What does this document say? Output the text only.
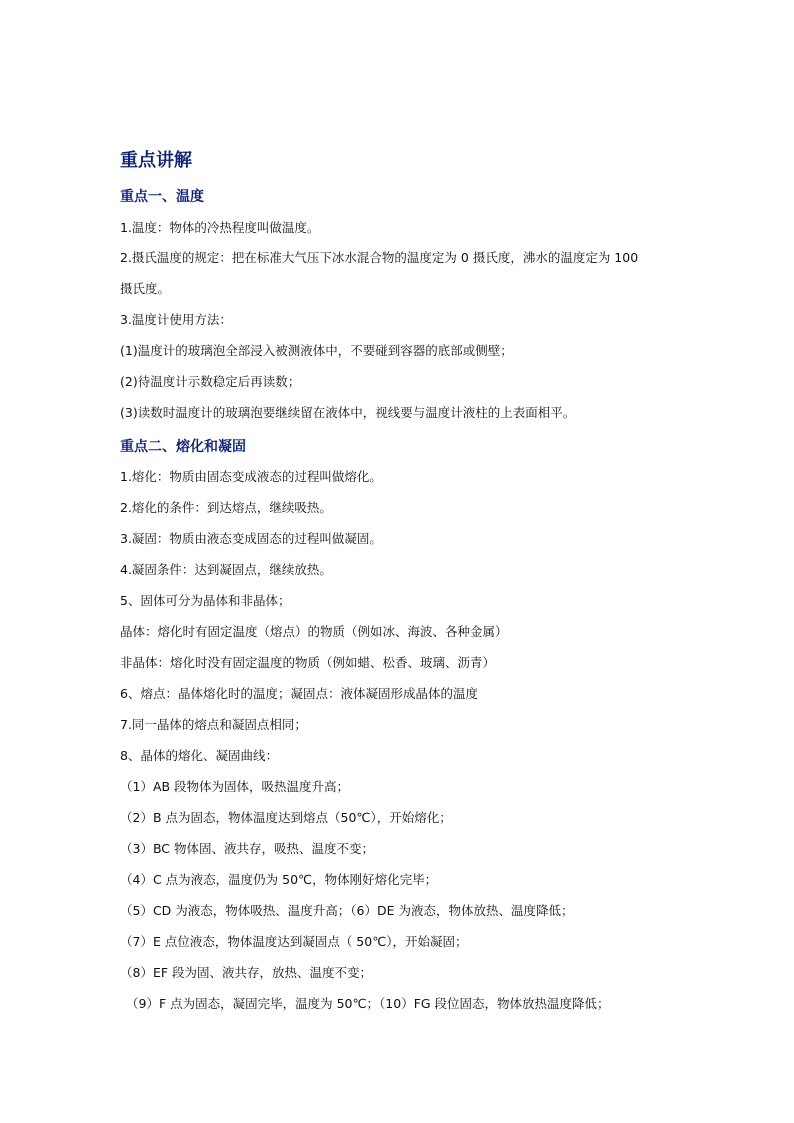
重点讲解
重点一、温度
1.温度：物体的冷热程度叫做温度。
2.摄氏温度的规定：把在标准大气压下冰水混合物的温度定为 0 摄氏度，沸水的温度定为 100
摄氏度。
3.温度计使用方法：
(1)温度计的玻璃泡全部浸入被测液体中，不要碰到容器的底部或侧壁；
(2)待温度计示数稳定后再读数；
(3)读数时温度计的玻璃泡要继续留在液体中，视线要与温度计液柱的上表面相平。
重点二、熔化和凝固
1.熔化：物质由固态变成液态的过程叫做熔化。
2.熔化的条件：到达熔点，继续吸热。
3.凝固：物质由液态变成固态的过程叫做凝固。
4.凝固条件：达到凝固点，继续放热。
5、固体可分为晶体和非晶体；
晶体：熔化时有固定温度（熔点）的物质（例如冰、海波、各种金属）
非晶体：熔化时没有固定温度的物质（例如蜡、松香、玻璃、沥青）
6、熔点：晶体熔化时的温度；凝固点：液体凝固形成晶体的温度
7.同一晶体的熔点和凝固点相同；
8、晶体的熔化、凝固曲线：
（1）AB 段物体为固体，吸热温度升高；
（2）B 点为固态，物体温度达到熔点（50℃），开始熔化；
（3）BC 物体固、液共存，吸热、温度不变；
（4）C 点为液态，温度仍为 50℃，物体刚好熔化完毕；
（5）CD 为液态，物体吸热、温度升高；（6）DE 为液态，物体放热、温度降低；
（7）E 点位液态，物体温度达到凝固点（ 50℃），开始凝固；
（8）EF 段为固、液共存，放热、温度不变；
（9）F 点为固态，凝固完毕，温度为 50℃；（10）FG 段位固态，物体放热温度降低；
